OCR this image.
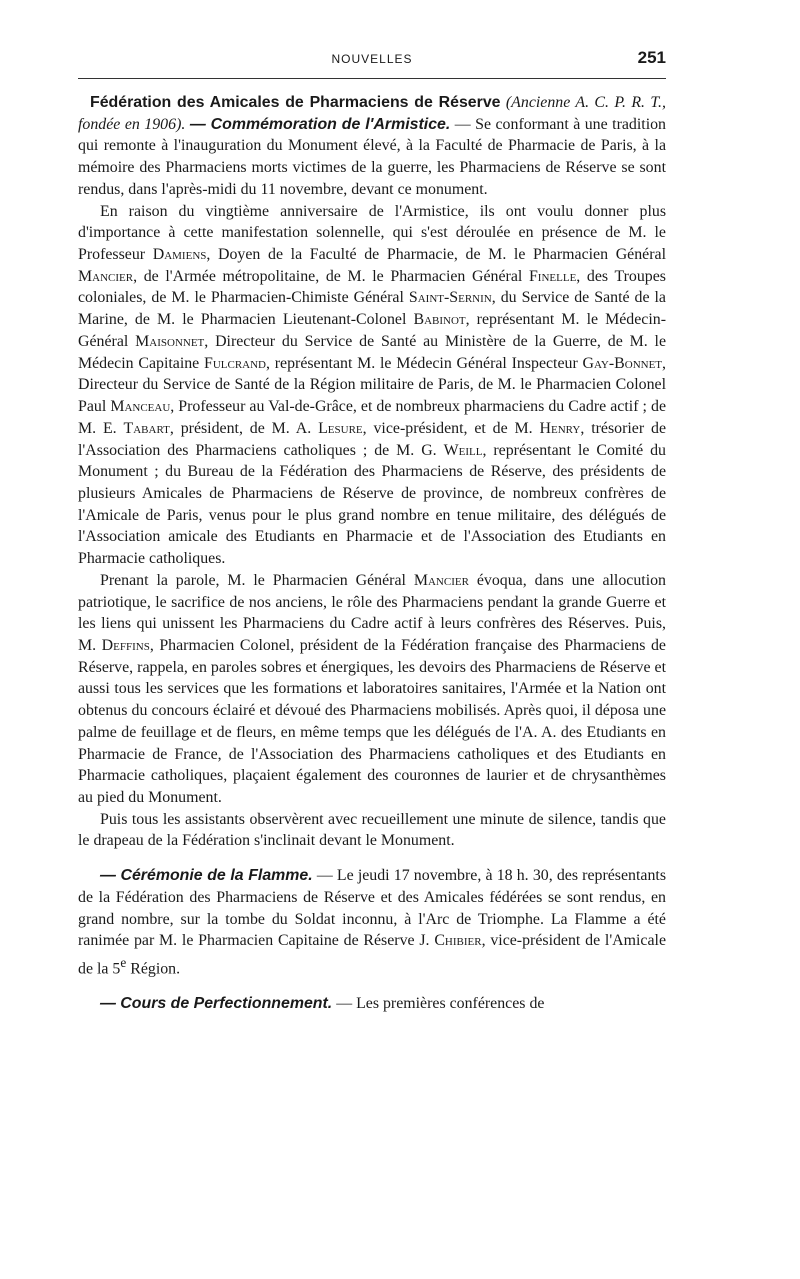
NOUVELLES	251

Fédération des Amicales de Pharmaciens de Réserve (Ancienne A. C. P. R. T., fondée en 1906). — Commémoration de l'Armistice. — Se conformant à une tradition qui remonte à l'inauguration du Monument élevé, à la Faculté de Pharmacie de Paris, à la mémoire des Pharmaciens morts victimes de la guerre, les Pharmaciens de Réserve se sont rendus, dans l'après-midi du 11 novembre, devant ce monument.

En raison du vingtième anniversaire de l'Armistice, ils ont voulu donner plus d'importance à cette manifestation solennelle, qui s'est déroulée en présence de M. le Professeur Damiens, Doyen de la Faculté de Pharmacie, de M. le Pharmacien Général Mancier, de l'Armée métropolitaine, de M. le Pharmacien Général Finelle, des Troupes coloniales, de M. le Pharmacien-Chimiste Général Saint-Sernin, du Service de Santé de la Marine, de M. le Pharmacien Lieutenant-Colonel Babinot, représentant M. le Médecin-Général Maisonnet, Directeur du Service de Santé au Ministère de la Guerre, de M. le Médecin Capitaine Fulcrand, représentant M. le Médecin Général Inspecteur Gay-Bonnet, Directeur du Service de Santé de la Région militaire de Paris, de M. le Pharmacien Colonel Paul Manceau, Professeur au Val-de-Grâce, et de nombreux pharmaciens du Cadre actif ; de M. E. Tabart, président, de M. A. Lesure, vice-président, et de M. Henry, trésorier de l'Association des Pharmaciens catholiques ; de M. G. Weill, représentant le Comité du Monument ; du Bureau de la Fédération des Pharmaciens de Réserve, des présidents de plusieurs Amicales de Pharmaciens de Réserve de province, de nombreux confrères de l'Amicale de Paris, venus pour le plus grand nombre en tenue militaire, des délégués de l'Association amicale des Etudiants en Pharmacie et de l'Association des Etudiants en Pharmacie catholiques.

Prenant la parole, M. le Pharmacien Général Mancier évoqua, dans une allocution patriotique, le sacrifice de nos anciens, le rôle des Pharmaciens pendant la grande Guerre et les liens qui unissent les Pharmaciens du Cadre actif à leurs confrères des Réserves. Puis, M. Deffins, Pharmacien Colonel, président de la Fédération française des Pharmaciens de Réserve, rappela, en paroles sobres et énergiques, les devoirs des Pharmaciens de Réserve et aussi tous les services que les formations et laboratoires sanitaires, l'Armée et la Nation ont obtenus du concours éclairé et dévoué des Pharmaciens mobilisés. Après quoi, il déposa une palme de feuillage et de fleurs, en même temps que les délégués de l'A. A. des Etudiants en Pharmacie de France, de l'Association des Pharmaciens catholiques et des Etudiants en Pharmacie catholiques, plaçaient également des couronnes de laurier et de chrysanthèmes au pied du Monument.

Puis tous les assistants observèrent avec recueillement une minute de silence, tandis que le drapeau de la Fédération s'inclinait devant le Monument.

— Cérémonie de la Flamme. — Le jeudi 17 novembre, à 18 h. 30, des représentants de la Fédération des Pharmaciens de Réserve et des Amicales fédérées se sont rendus, en grand nombre, sur la tombe du Soldat inconnu, à l'Arc de Triomphe. La Flamme a été ranimée par M. le Pharmacien Capitaine de Réserve J. Chibier, vice-président de l'Amicale de la 5e Région.

— Cours de Perfectionnement. — Les premières conférences de
